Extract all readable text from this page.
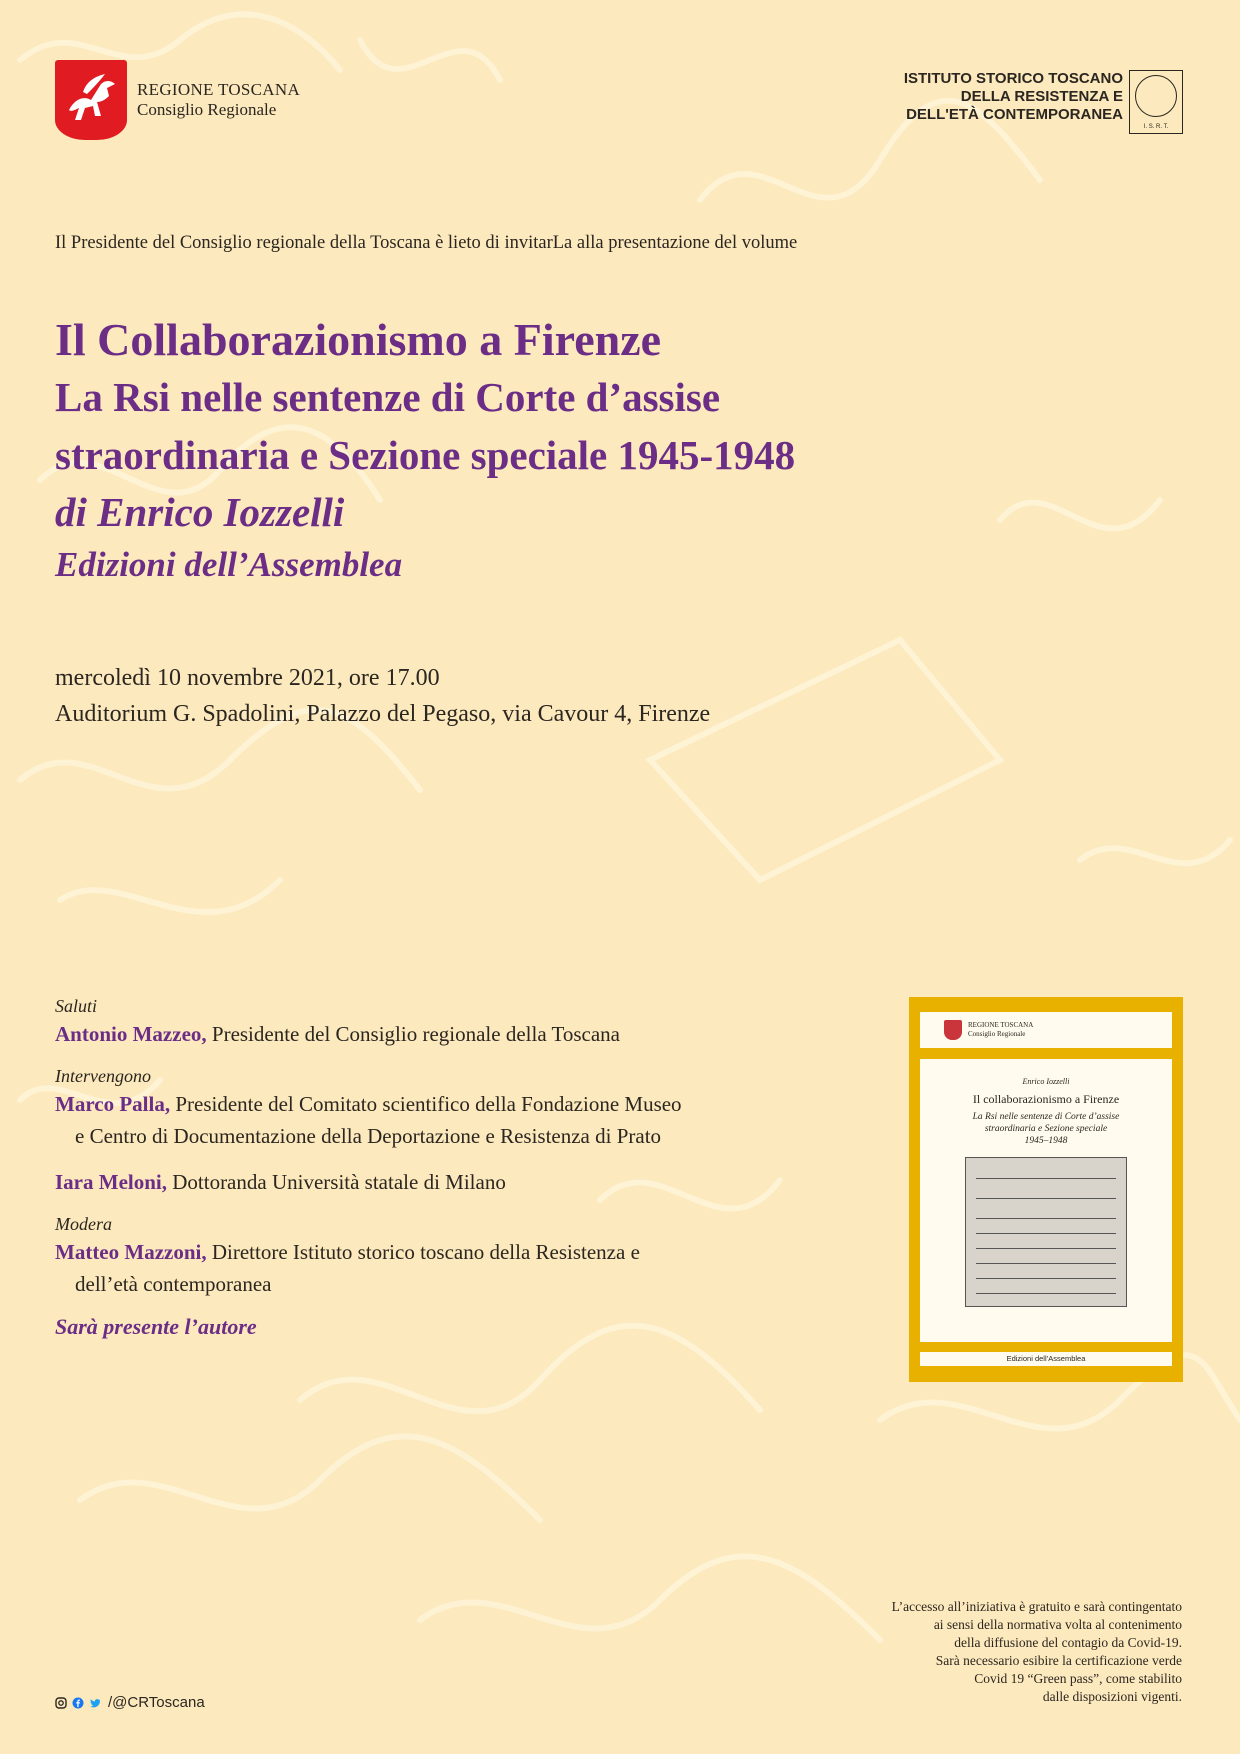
REGIONE TOSCANA
Consiglio Regionale
ISTITUTO STORICO TOSCANO
DELLA RESISTENZA E
DELL'ETÀ CONTEMPORANEA
I. S. R. T.
Il Presidente del Consiglio regionale della Toscana è lieto di invitarLa alla presentazione del volume
Il Collaborazionismo a Firenze
La Rsi nelle sentenze di Corte d’assise
straordinaria e Sezione speciale 1945-1948
di Enrico Iozzelli
Edizioni dell’Assemblea
mercoledì 10 novembre 2021, ore 17.00
Auditorium G. Spadolini, Palazzo del Pegaso, via Cavour 4, Firenze
Saluti
Antonio Mazzeo, Presidente del Consiglio regionale della Toscana
Intervengono
Marco Palla, Presidente del Comitato scientifico della Fondazione Museo
e Centro di Documentazione della Deportazione e Resistenza di Prato
Iara Meloni, Dottoranda Università statale di Milano
Modera
Matteo Mazzoni, Direttore Istituto storico toscano della Resistenza e
dell’età contemporanea
Sarà presente l’autore
REGIONE TOSCANA
Consiglio Regionale
Enrico Iozzelli
Il collaborazionismo a Firenze
La Rsi nelle sentenze di Corte d’assise
straordinaria e Sezione speciale
1945–1948
Edizioni dell’Assemblea
L’accesso all’iniziativa è gratuito e sarà contingentato
ai sensi della normativa volta al contenimento
della diffusione del contagio da Covid-19.
Sarà necessario esibire la certificazione verde
Covid 19 “Green pass”, come stabilito
dalle disposizioni vigenti.
/@CRToscana
